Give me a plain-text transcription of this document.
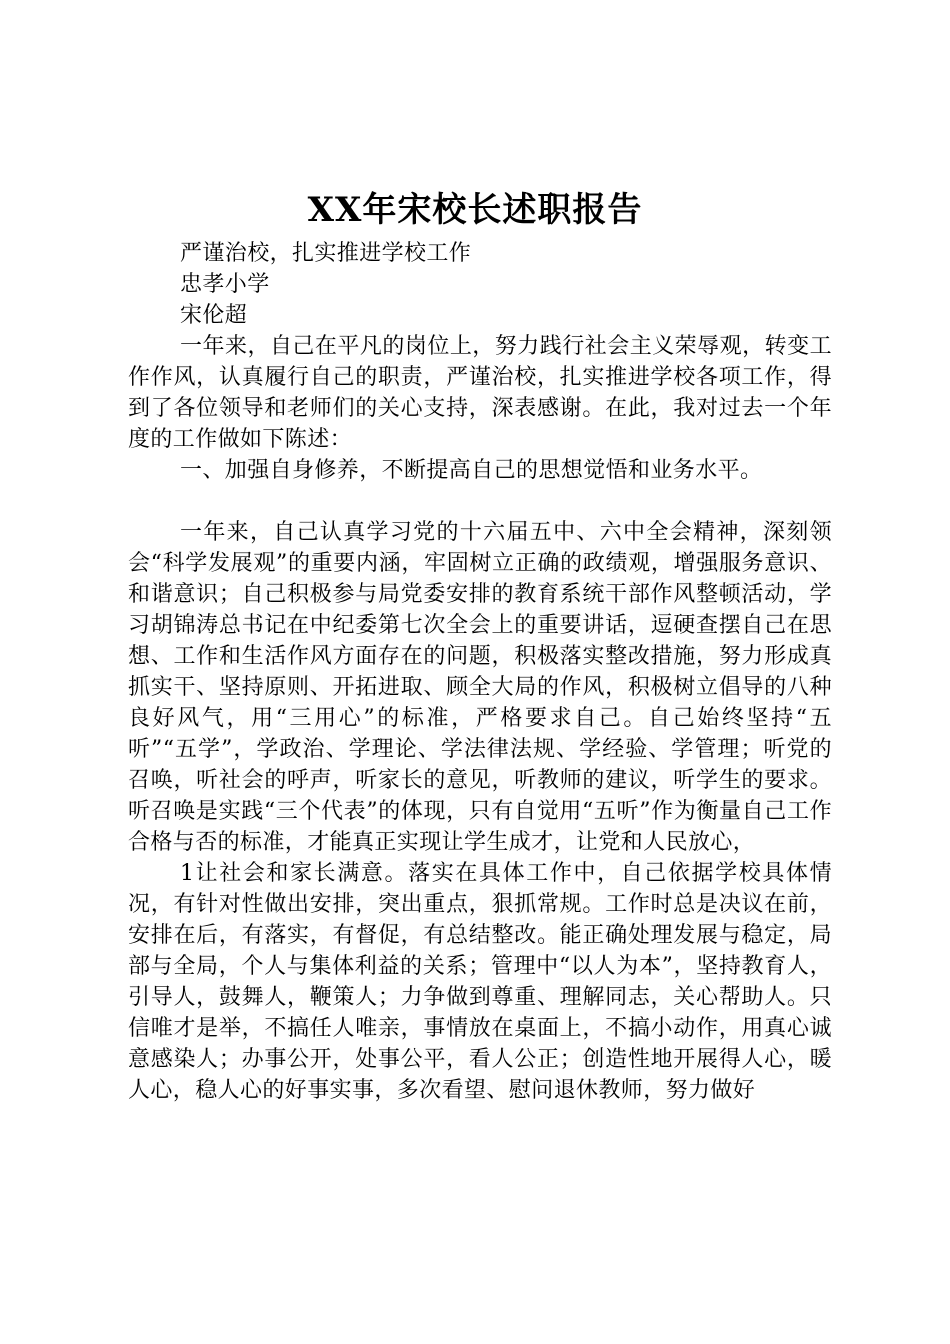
XX年宋校长述职报告

严谨治校，扎实推进学校工作

忠孝小学

宋伦超

一年来，自己在平凡的岗位上，努力践行社会主义荣辱观，转变工作作风，认真履行自己的职责，严谨治校，扎实推进学校各项工作，得到了各位领导和老师们的关心支持，深表感谢。在此，我对过去一个年度的工作做如下陈述：

一、加强自身修养，不断提高自己的思想觉悟和业务水平。

一年来，自己认真学习党的十六届五中、六中全会精神，深刻领会“科学发展观”的重要内涵，牢固树立正确的政绩观，增强服务意识、和谐意识；自己积极参与局党委安排的教育系统干部作风整顿活动，学习胡锦涛总书记在中纪委第七次全会上的重要讲话，逗硬查摆自己在思想、工作和生活作风方面存在的问题，积极落实整改措施，努力形成真抓实干、坚持原则、开拓进取、顾全大局的作风，积极树立倡导的八种良好风气，用“三用心”的标准，严格要求自己。自己始终坚持“五听”“五学”，学政治、学理论、学法律法规、学经验、学管理；听党的召唤，听社会的呼声，听家长的意见，听教师的建议，听学生的要求。听召唤是实践“三个代表”的体现，只有自觉用“五听”作为衡量自己工作合格与否的标准，才能真正实现让学生成才，让党和人民放心，

1让社会和家长满意。落实在具体工作中，自己依据学校具体情况，有针对性做出安排，突出重点，狠抓常规。工作时总是决议在前，安排在后，有落实，有督促，有总结整改。能正确处理发展与稳定，局部与全局，个人与集体利益的关系；管理中“以人为本”，坚持教育人，引导人，鼓舞人，鞭策人；力争做到尊重、理解同志，关心帮助人。只信唯才是举，不搞任人唯亲，事情放在桌面上，不搞小动作，用真心诚意感染人；办事公开，处事公平，看人公正；创造性地开展得人心，暖人心，稳人心的好事实事，多次看望、慰问退休教师，努力做好
